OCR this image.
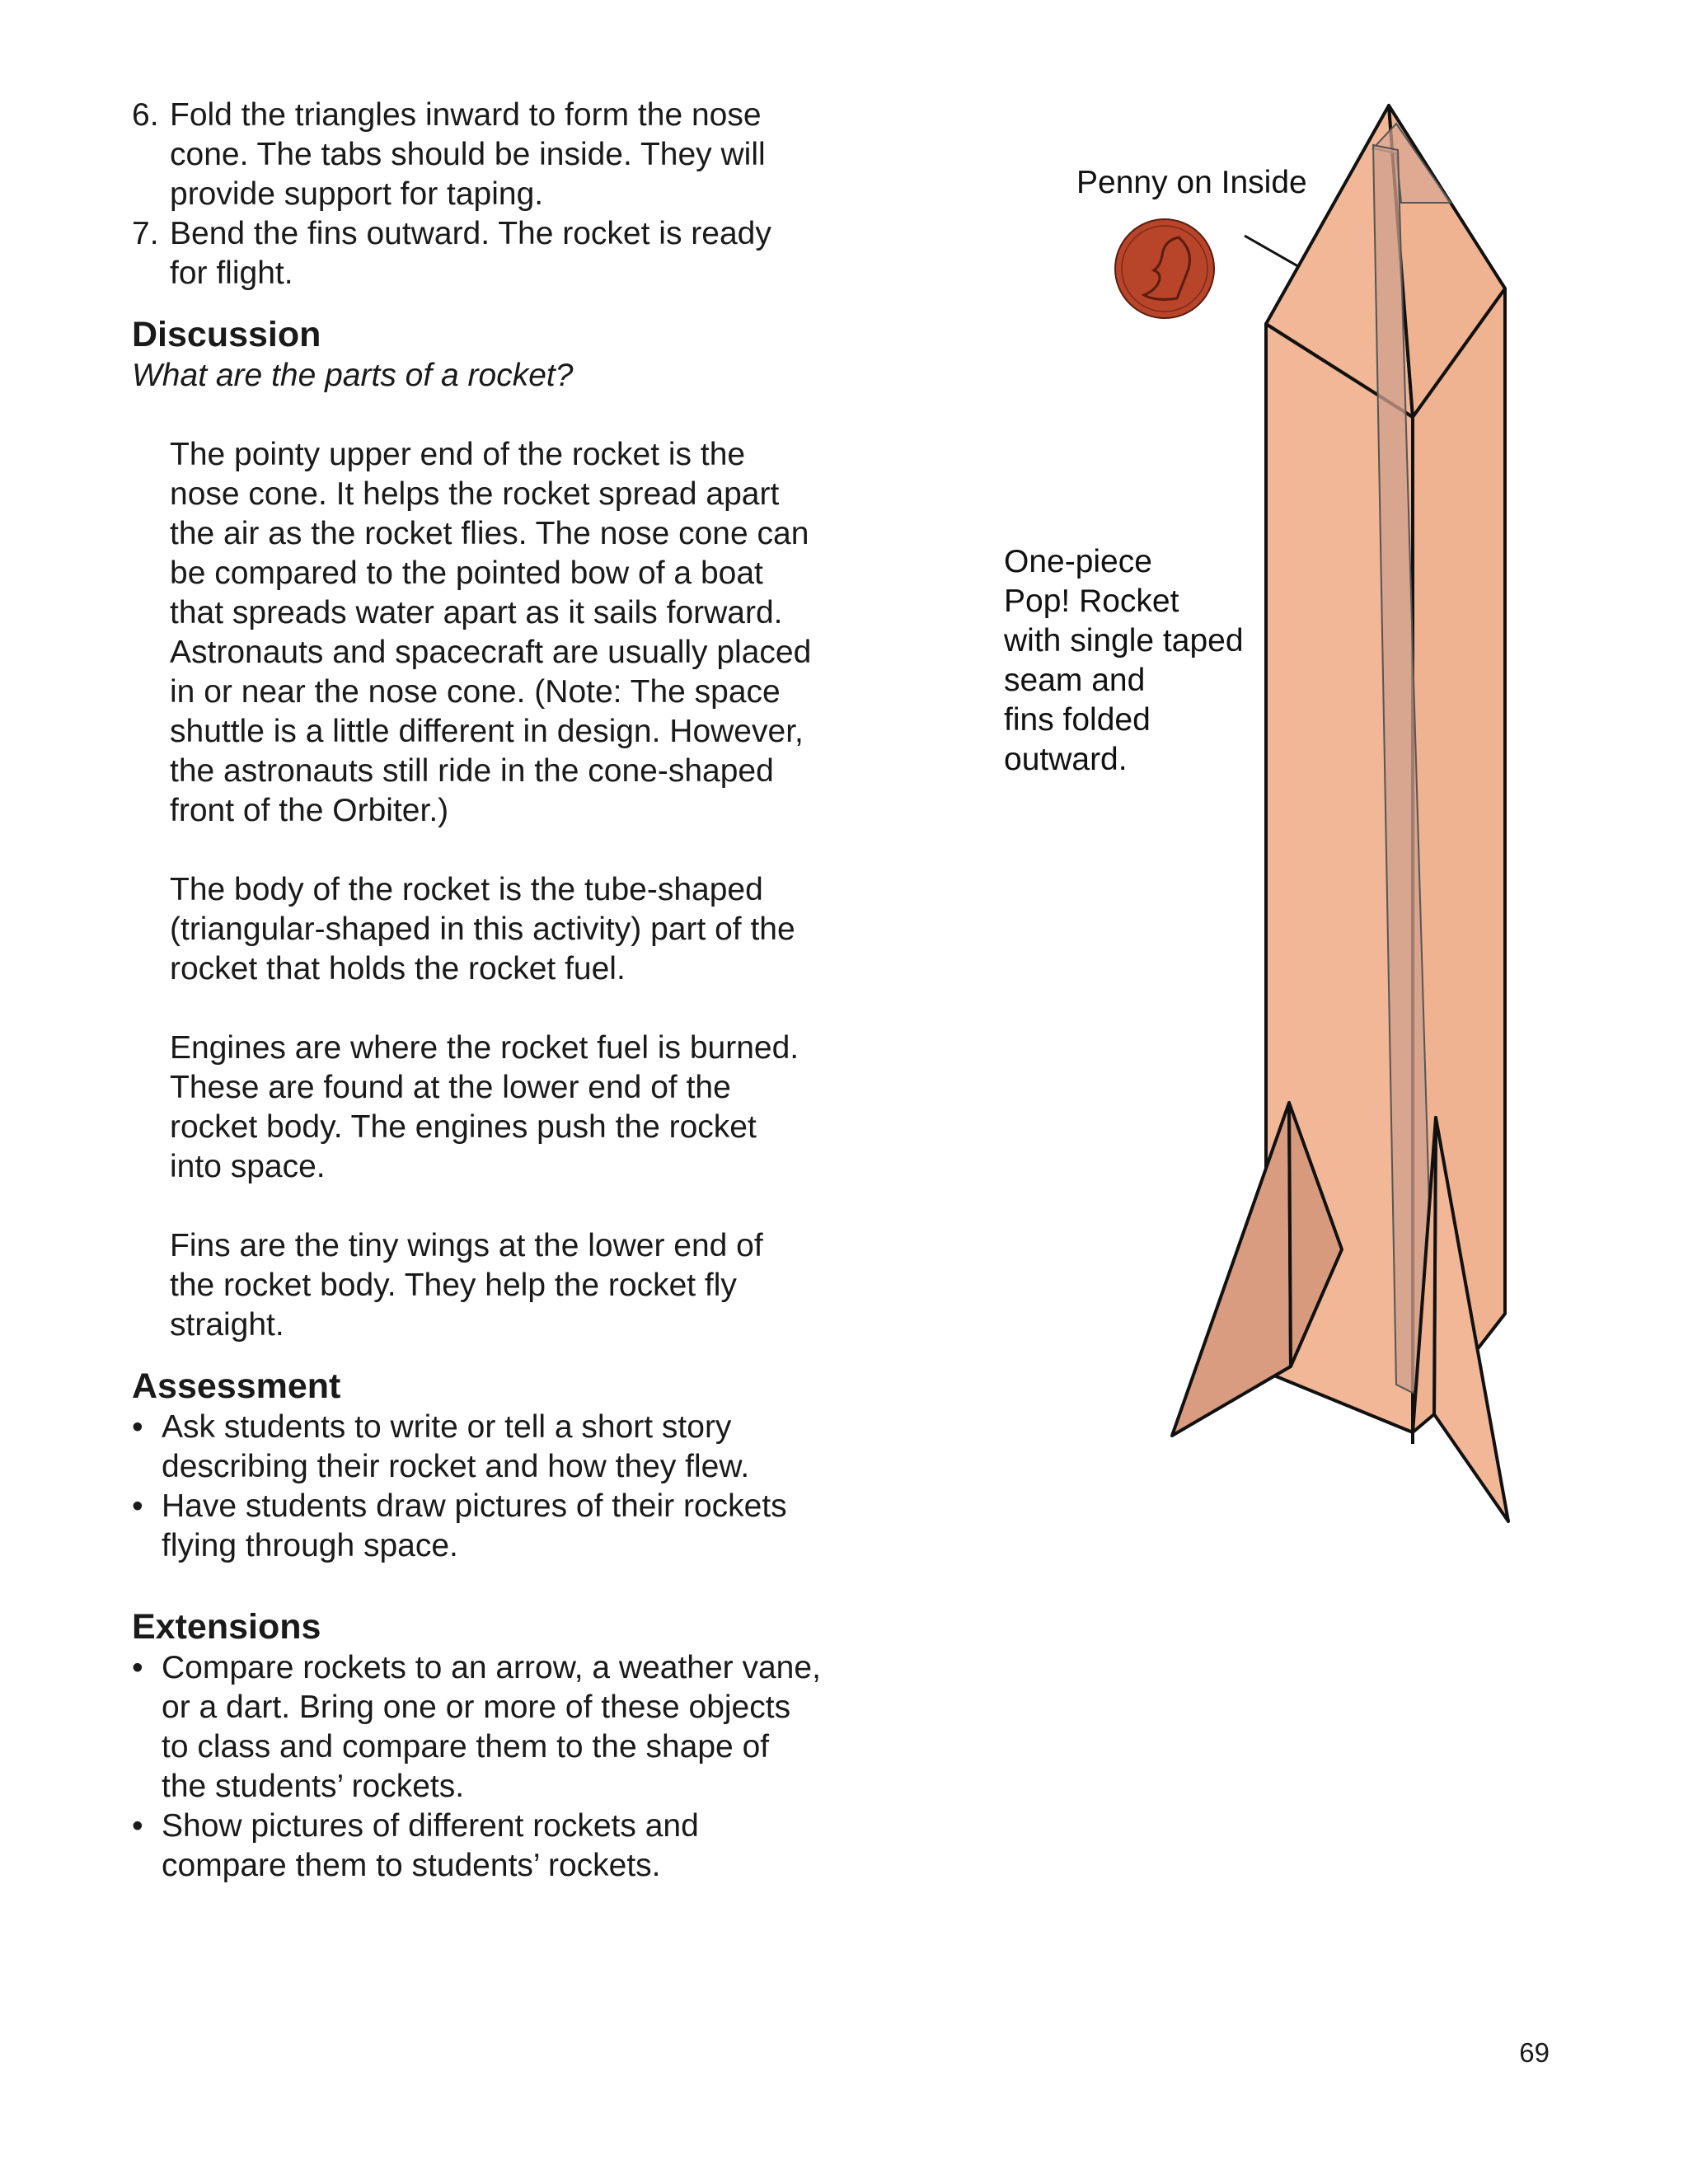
6. Fold the triangles inward to form the nose
cone. The tabs should be inside. They will
provide support for taping.
7. Bend the fins outward. The rocket is ready
for flight.
Discussion

What are the parts of a rocket?

The pointy upper end of the rocket is the
nose cone. It helps the rocket spread apart
the air as the rocket flies. The nose cone can
be compared to the pointed bow of a boat
that spreads water apart as it sails forward.
Astronauts and spacecraft are usually placed
in or near the nose cone. (Note: The space
shuttle is a little different in design. However,
the astronauts still ride in the cone-shaped
front of the Orbiter.)
The body of the rocket is the tube-shaped
(triangular-shaped in this activity) part of the
rocket that holds the rocket fuel.
Engines are where the rocket fuel is burned.
These are found at the lower end of the
rocket body. The engines push the rocket
into space.
Fins are the tiny wings at the lower end of
the rocket body. They help the rocket fly
straight.
Assessment
• Ask students to write or tell a short story
describing their rocket and how they flew.
• Have students draw pictures of their rockets
flying through space.
Extensions
• Compare rockets to an arrow, a weather vane,
or a dart. Bring one or more of these objects
to class and compare them to the shape of
the students’ rockets.
• Show pictures of different rockets and
compare them to students’ rockets.
Penny on Inside
One-piece
Pop! Rocket
with single taped
seam and
fins folded
outward.
69
